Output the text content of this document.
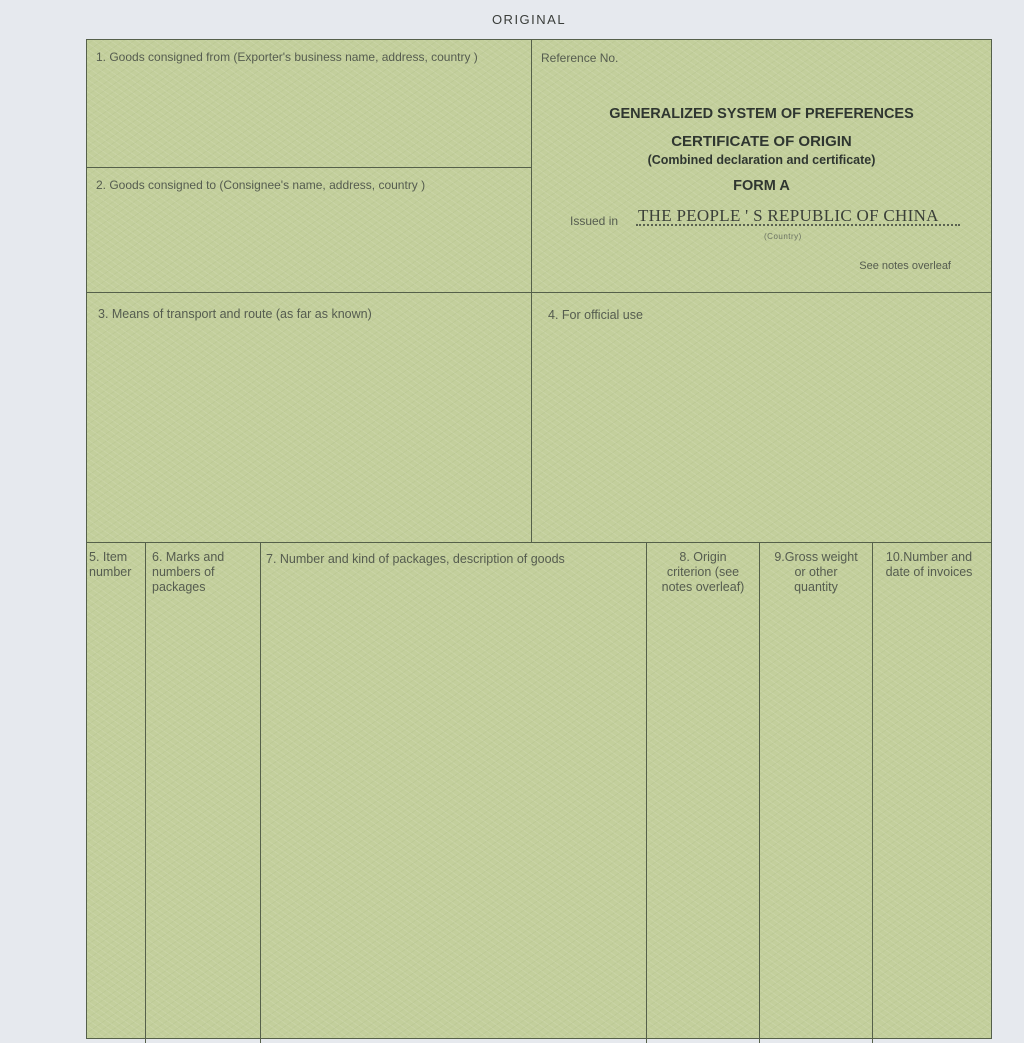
ORIGINAL
1. Goods consigned from (Exporter's business name, address, country )
2. Goods consigned to (Consignee's name, address, country )
Reference No.
GENERALIZED SYSTEM OF PREFERENCES
CERTIFICATE OF ORIGIN
(Combined declaration and certificate)
FORM A
Issued in THE PEOPLE ' S REPUBLIC OF CHINA
(Country)
See notes overleaf
3. Means of transport and route (as far as known)	4. For official use
5. Item number
6. Marks and numbers of packages
7. Number and kind of packages, description of goods	8. Origin criterion (see notes overleaf)
9.Gross weight or other quantity
10.Number and date of invoices
